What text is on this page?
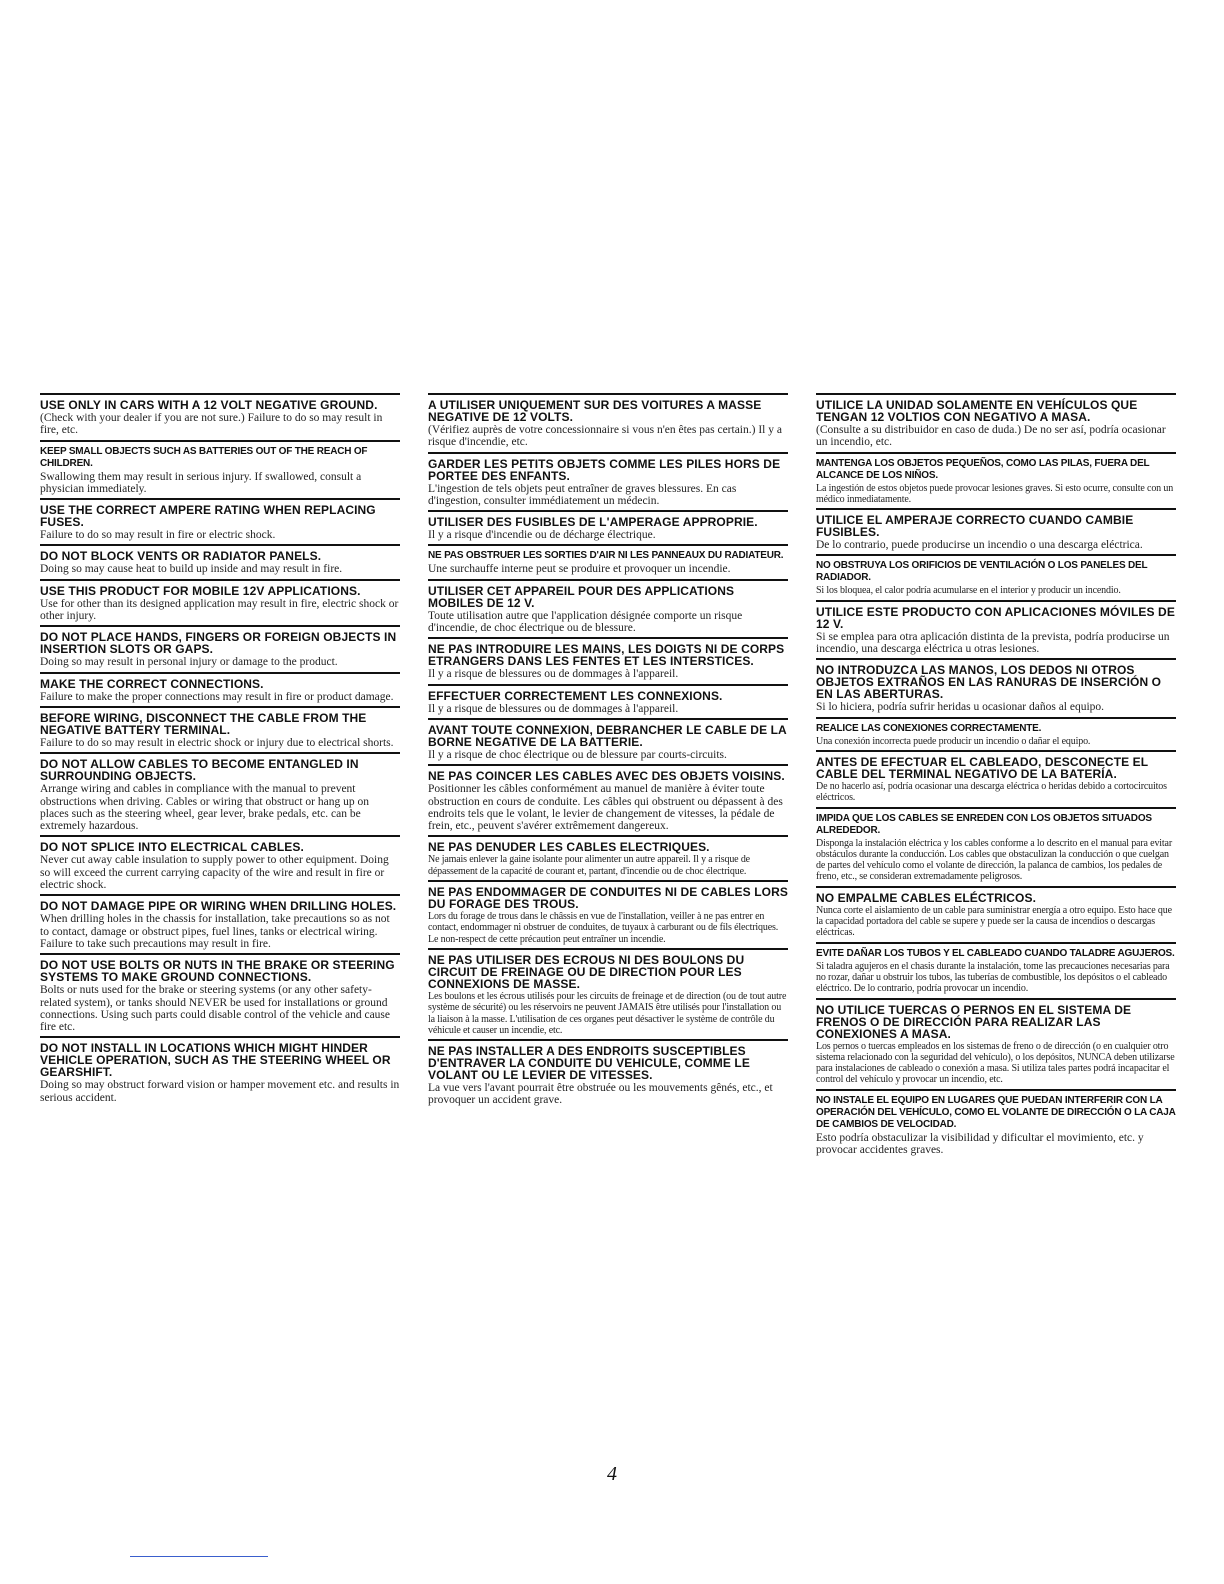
USE ONLY IN CARS WITH A 12 VOLT NEGATIVE GROUND.
(Check with your dealer if you are not sure.) Failure to do so may result in fire, etc.
KEEP SMALL OBJECTS SUCH AS BATTERIES OUT OF THE REACH OF CHILDREN.
Swallowing them may result in serious injury. If swallowed, consult a physician immediately.
USE THE CORRECT AMPERE RATING WHEN REPLACING FUSES.
Failure to do so may result in fire or electric shock.
DO NOT BLOCK VENTS OR RADIATOR PANELS.
Doing so may cause heat to build up inside and may result in fire.
USE THIS PRODUCT FOR MOBILE 12V APPLICATIONS.
Use for other than its designed application may result in fire, electric shock or other injury.
DO NOT PLACE HANDS, FINGERS OR FOREIGN OBJECTS IN INSERTION SLOTS OR GAPS.
Doing so may result in personal injury or damage to the product.
MAKE THE CORRECT CONNECTIONS.
Failure to make the proper connections may result in fire or product damage.
BEFORE WIRING, DISCONNECT THE CABLE FROM THE NEGATIVE BATTERY TERMINAL.
Failure to do so may result in electric shock or injury due to electrical shorts.
DO NOT ALLOW CABLES TO BECOME ENTANGLED IN SURROUNDING OBJECTS.
Arrange wiring and cables in compliance with the manual to prevent obstructions when driving. Cables or wiring that obstruct or hang up on places such as the steering wheel, gear lever, brake pedals, etc. can be extremely hazardous.
DO NOT SPLICE INTO ELECTRICAL CABLES.
Never cut away cable insulation to supply power to other equipment. Doing so will exceed the current carrying capacity of the wire and result in fire or electric shock.
DO NOT DAMAGE PIPE OR WIRING WHEN DRILLING HOLES.
When drilling holes in the chassis for installation, take precautions so as not to contact, damage or obstruct pipes, fuel lines, tanks or electrical wiring. Failure to take such precautions may result in fire.
DO NOT USE BOLTS OR NUTS IN THE BRAKE OR STEERING SYSTEMS TO MAKE GROUND CONNECTIONS.
Bolts or nuts used for the brake or steering systems (or any other safety-related system), or tanks should NEVER be used for installations or ground connections. Using such parts could disable control of the vehicle and cause fire etc.
DO NOT INSTALL IN LOCATIONS WHICH MIGHT HINDER VEHICLE OPERATION, SUCH AS THE STEERING WHEEL OR GEARSHIFT.
Doing so may obstruct forward vision or hamper movement etc. and results in serious accident.
A UTILISER UNIQUEMENT SUR DES VOITURES A MASSE NEGATIVE DE 12 VOLTS.
(Vérifiez auprès de votre concessionnaire si vous n'en êtes pas certain.) Il y a risque d'incendie, etc.
GARDER LES PETITS OBJETS COMME LES PILES HORS DE PORTEE DES ENFANTS.
L'ingestion de tels objets peut entraîner de graves blessures. En cas d'ingestion, consulter immédiatement un médecin.
UTILISER DES FUSIBLES DE L'AMPERAGE APPROPRIE.
Il y a risque d'incendie ou de décharge électrique.
NE PAS OBSTRUER LES SORTIES D'AIR NI LES PANNEAUX DU RADIATEUR.
Une surchauffe interne peut se produire et provoquer un incendie.
UTILISER CET APPAREIL POUR DES APPLICATIONS MOBILES DE 12 V.
Toute utilisation autre que l'application désignée comporte un risque d'incendie, de choc électrique ou de blessure.
NE PAS INTRODUIRE LES MAINS, LES DOIGTS NI DE CORPS ETRANGERS DANS LES FENTES ET LES INTERSTICES.
Il y a risque de blessures ou de dommages à l'appareil.
EFFECTUER CORRECTEMENT LES CONNEXIONS.
Il y a risque de blessures ou de dommages à l'appareil.
AVANT TOUTE CONNEXION, DEBRANCHER LE CABLE DE LA BORNE NEGATIVE DE LA BATTERIE.
Il y a risque de choc électrique ou de blessure par courts-circuits.
NE PAS COINCER LES CABLES AVEC DES OBJETS VOISINS.
Positionner les câbles conformément au manuel de manière à éviter toute obstruction en cours de conduite. Les câbles qui obstruent ou dépassent à des endroits tels que le volant, le levier de changement de vitesses, la pédale de frein, etc., peuvent s'avérer extrêmement dangereux.
NE PAS DENUDER LES CABLES ELECTRIQUES.
Ne jamais enlever la gaine isolante pour alimenter un autre appareil. Il y a risque de dépassement de la capacité de courant et, partant, d'incendie ou de choc électrique.
NE PAS ENDOMMAGER DE CONDUITES NI DE CABLES LORS DU FORAGE DES TROUS.
Lors du forage de trous dans le châssis en vue de l'installation, veiller à ne pas entrer en contact, endommager ni obstruer de conduites, de tuyaux à carburant ou de fils électriques. Le non-respect de cette précaution peut entraîner un incendie.
NE PAS UTILISER DES ECROUS NI DES BOULONS DU CIRCUIT DE FREINAGE OU DE DIRECTION POUR LES CONNEXIONS DE MASSE.
Les boulons et les écrous utilisés pour les circuits de freinage et de direction (ou de tout autre système de sécurité) ou les réservoirs ne peuvent JAMAIS être utilisés pour l'installation ou la liaison à la masse. L'utilisation de ces organes peut désactiver le système de contrôle du véhicule et causer un incendie, etc.
NE PAS INSTALLER A DES ENDROITS SUSCEPTIBLES D'ENTRAVER LA CONDUITE DU VEHICULE, COMME LE VOLANT OU LE LEVIER DE VITESSES.
La vue vers l'avant pourrait être obstruée ou les mouvements gênés, etc., et provoquer un accident grave.
UTILICE LA UNIDAD SOLAMENTE EN VEHÍCULOS QUE TENGAN 12 VOLTIOS CON NEGATIVO A MASA.
(Consulte a su distribuidor en caso de duda.) De no ser así, podría ocasionar un incendio, etc.
MANTENGA LOS OBJETOS PEQUEÑOS, COMO LAS PILAS, FUERA DEL ALCANCE DE LOS NIÑOS.
La ingestión de estos objetos puede provocar lesiones graves. Si esto ocurre, consulte con un médico inmediatamente.
UTILICE EL AMPERAJE CORRECTO CUANDO CAMBIE FUSIBLES.
De lo contrario, puede producirse un incendio o una descarga eléctrica.
NO OBSTRUYA LOS ORIFICIOS DE VENTILACIÓN O LOS PANELES DEL RADIADOR.
Si los bloquea, el calor podría acumularse en el interior y producir un incendio.
UTILICE ESTE PRODUCTO CON APLICACIONES MÓVILES DE 12 V.
Si se emplea para otra aplicación distinta de la prevista, podría producirse un incendio, una descarga eléctrica u otras lesiones.
NO INTRODUZCA LAS MANOS, LOS DEDOS NI OTROS OBJETOS EXTRAÑOS EN LAS RANURAS DE INSERCIÓN O EN LAS ABERTURAS.
Si lo hiciera, podría sufrir heridas u ocasionar daños al equipo.
REALICE LAS CONEXIONES CORRECTAMENTE.
Una conexión incorrecta puede producir un incendio o dañar el equipo.
ANTES DE EFECTUAR EL CABLEADO, DESCONECTE EL CABLE DEL TERMINAL NEGATIVO DE LA BATERÍA.
De no hacerlo así, podría ocasionar una descarga eléctrica o heridas debido a cortocircuitos eléctricos.
IMPIDA QUE LOS CABLES SE ENREDEN CON LOS OBJETOS SITUADOS ALREDEDOR.
Disponga la instalación eléctrica y los cables conforme a lo descrito en el manual para evitar obstáculos durante la conducción. Los cables que obstaculizan la conducción o que cuelgan de partes del vehículo como el volante de dirección, la palanca de cambios, los pedales de freno, etc., se consideran extremadamente peligrosos.
NO EMPALME CABLES ELÉCTRICOS.
Nunca corte el aislamiento de un cable para suministrar energía a otro equipo. Esto hace que la capacidad portadora del cable se supere y puede ser la causa de incendios o descargas eléctricas.
EVITE DAÑAR LOS TUBOS Y EL CABLEADO CUANDO TALADRE AGUJEROS.
Si taladra agujeros en el chasis durante la instalación, tome las precauciones necesarias para no rozar, dañar u obstruir los tubos, las tuberías de combustible, los depósitos o el cableado eléctrico. De lo contrario, podría provocar un incendio.
NO UTILICE TUERCAS O PERNOS EN EL SISTEMA DE FRENOS O DE DIRECCIÓN PARA REALIZAR LAS CONEXIONES A MASA.
Los pernos o tuercas empleados en los sistemas de freno o de dirección (o en cualquier otro sistema relacionado con la seguridad del vehículo), o los depósitos, NUNCA deben utilizarse para instalaciones de cableado o conexión a masa. Si utiliza tales partes podrá incapacitar el control del vehículo y provocar un incendio, etc.
NO INSTALE EL EQUIPO EN LUGARES QUE PUEDAN INTERFERIR CON LA OPERACIÓN DEL VEHÍCULO, COMO EL VOLANTE DE DIRECCIÓN O LA CAJA DE CAMBIOS DE VELOCIDAD.
Esto podría obstaculizar la visibilidad y dificultar el movimiento, etc. y provocar accidentes graves.
4
